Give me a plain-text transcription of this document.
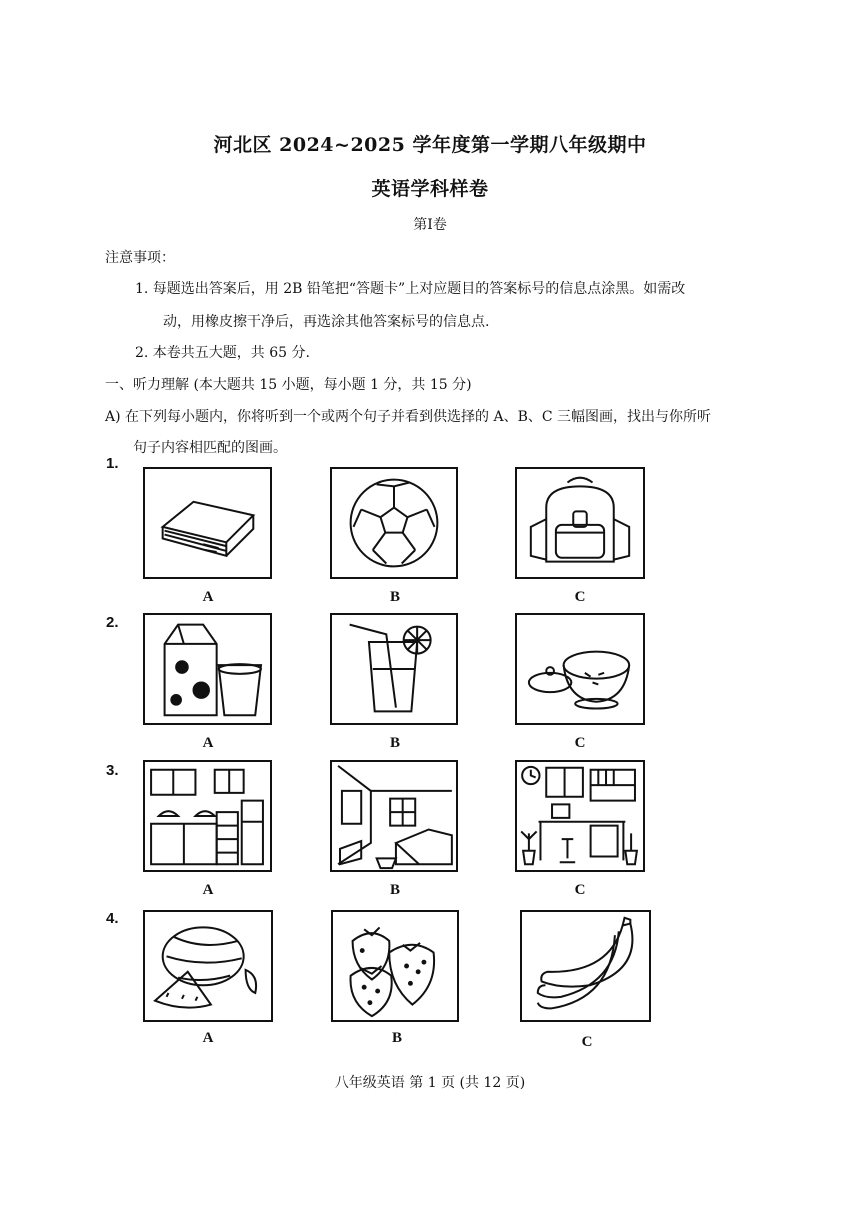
河北区 2024~2025 学年度第一学期八年级期中
英语学科样卷
第Ⅰ卷
注意事项：
1. 每题选出答案后，用 2B 铅笔把“答题卡”上对应题目的答案标号的信息点涂黑。如需改
动，用橡皮擦干净后，再选涂其他答案标号的信息点.
2. 本卷共五大题，共 65 分.
一、听力理解 (本大题共 15 小题，每小题 1 分，共 15 分)
A) 在下列每小题内，你将听到一个或两个句子并看到供选择的 A、B、C 三幅图画，找出与你所听
句子内容相匹配的图画。
1.
A	B	C
2.
A	B	C
3.
A	B	C
4.
A	B	C
八年级英语 第 1 页 (共 12 页)
